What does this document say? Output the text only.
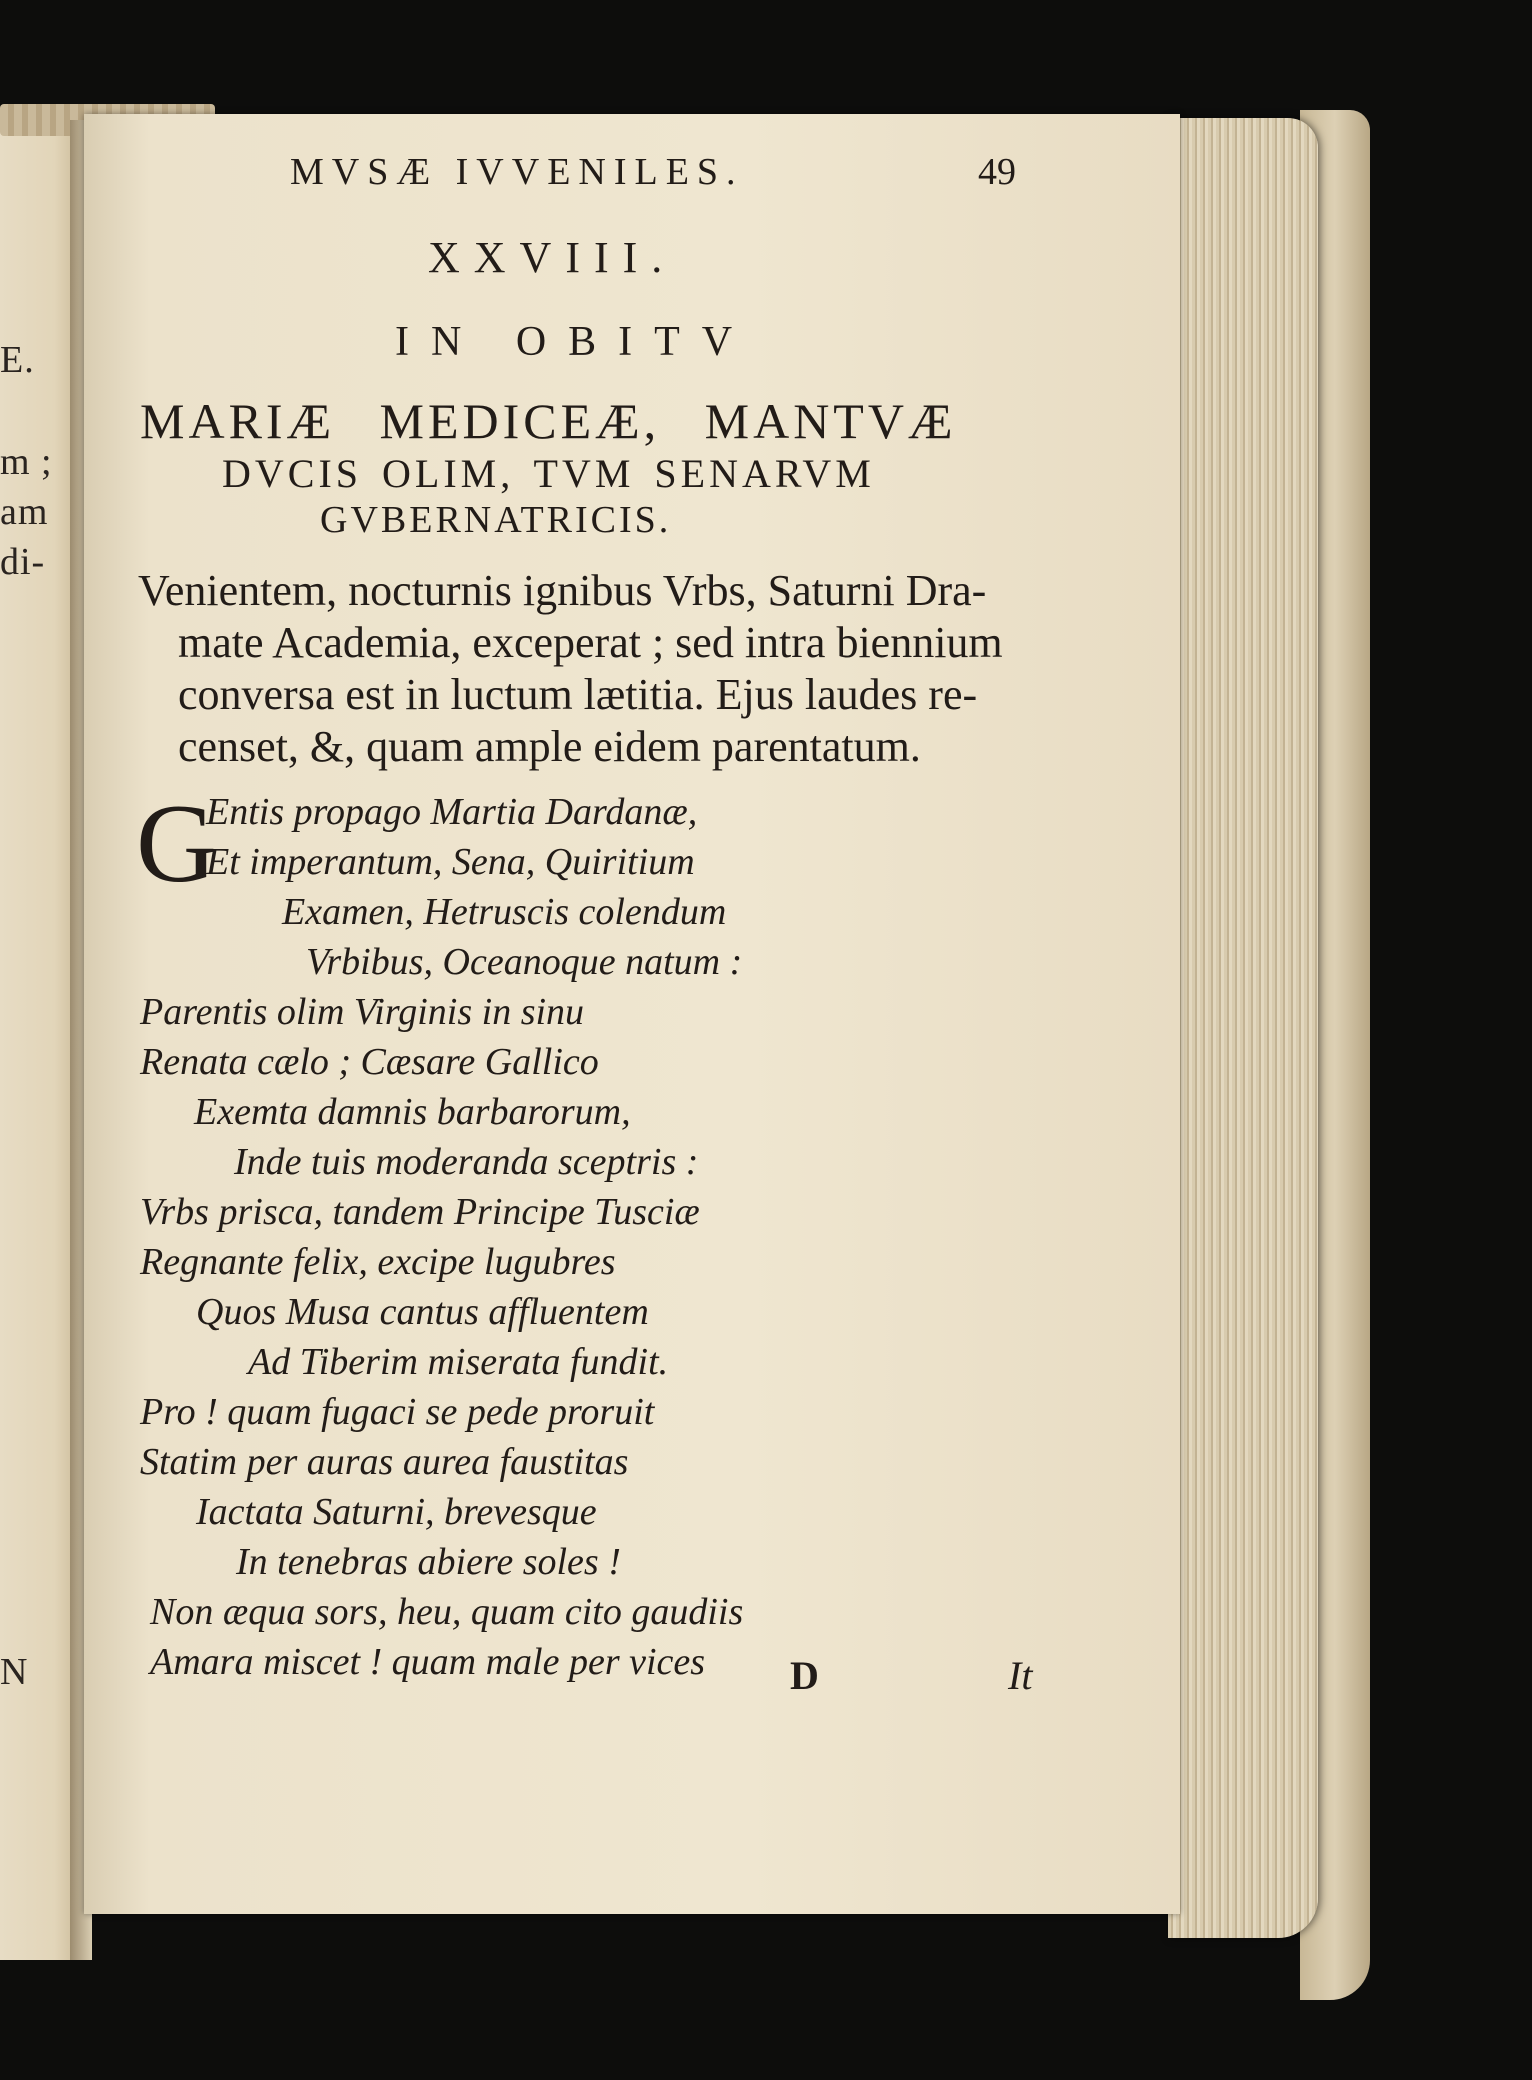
E.
m ;
am
di-
N
MVSÆ IVVENILES.	49
XXVIII.
IN OBITV
MARIÆ MEDICEÆ, MANTVÆ
DVCIS OLIM, TVM SENARVM
GVBERNATRICIS.
Venientem, nocturnis ignibus Vrbs, Saturni Dra-
mate Academia, exceperat ; sed intra biennium
conversa est in luctum lætitia. Ejus laudes re-
censet, &, quam ample eidem parentatum.
G
Entis propago Martia Dardanæ,
Et imperantum, Sena, Quiritium
Examen, Hetruscis colendum
Vrbibus, Oceanoque natum :
Parentis olim Virginis in sinu
Renata cælo ; Cæsare Gallico
Exemta damnis barbarorum,
Inde tuis moderanda sceptris :
Vrbs prisca, tandem Principe Tusciæ
Regnante felix, excipe lugubres
Quos Musa cantus affluentem
Ad Tiberim miserata fundit.
Pro ! quam fugaci se pede proruit
Statim per auras aurea faustitas
Iactata Saturni, brevesque
In tenebras abiere soles !
Non æqua sors, heu, quam cito gaudiis
Amara miscet ! quam male per vices D	It
